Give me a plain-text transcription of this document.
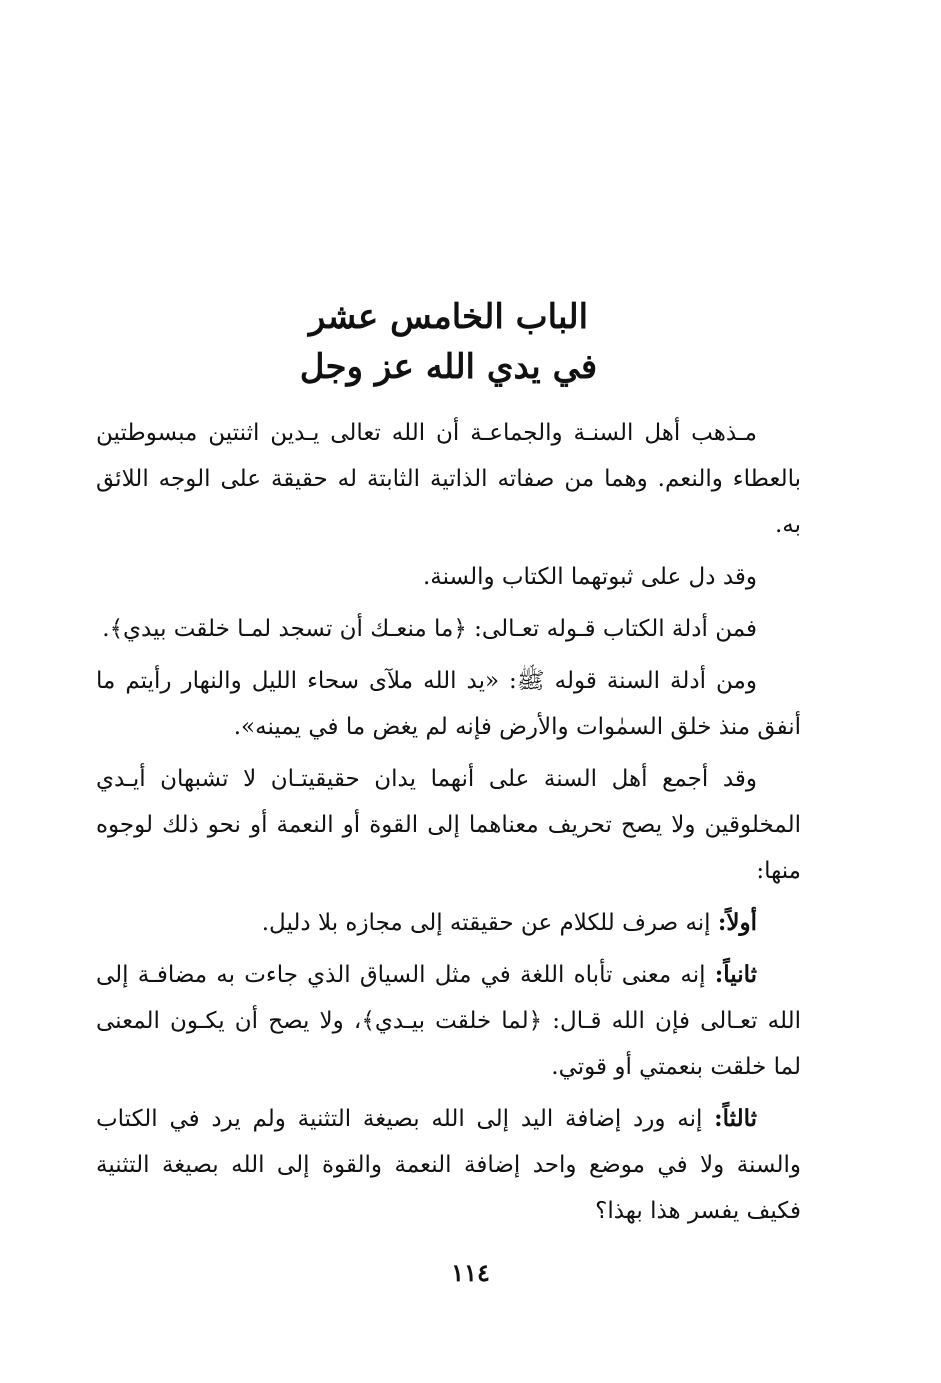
الباب الخامس عشر
في يدي الله عز وجل

مـذهب أهل السنـة والجماعـة أن الله تعالى يـدين اثنتين مبسوطتين بالعطاء والنعم. وهما من صفاته الذاتية الثابتة له حقيقة على الوجه اللائق به.

وقد دل على ثبوتهما الكتاب والسنة.

فمن أدلة الكتاب قـوله تعـالى: ﴿ما منعـك أن تسجد لمـا خلقت بيدي﴾.

ومن أدلة السنة قوله ﷺ: «يد الله ملآى سحاء الليل والنهار رأيتم ما أنفق منذ خلق السمٰوات والأرض فإنه لم يغض ما في يمينه».

وقد أجمع أهل السنة على أنهما يدان حقيقيتـان لا تشبهان أيـدي المخلوقين ولا يصح تحريف معناهما إلى القوة أو النعمة أو نحو ذلك لوجوه منها:

أولاً: إنه صرف للكلام عن حقيقته إلى مجازه بلا دليل.

ثانياً: إنه معنى تأباه اللغة في مثل السياق الذي جاءت به مضافـة إلى الله تعـالى فإن الله قـال: ﴿لما خلقت بيـدي﴾، ولا يصح أن يكـون المعنى لما خلقت بنعمتي أو قوتي.

ثالثاً: إنه ورد إضافة اليد إلى الله بصيغة التثنية ولم يرد في الكتاب والسنة ولا في موضع واحد إضافة النعمة والقوة إلى الله بصيغة التثنية فكيف يفسر هذا بهذا؟

١١٤
